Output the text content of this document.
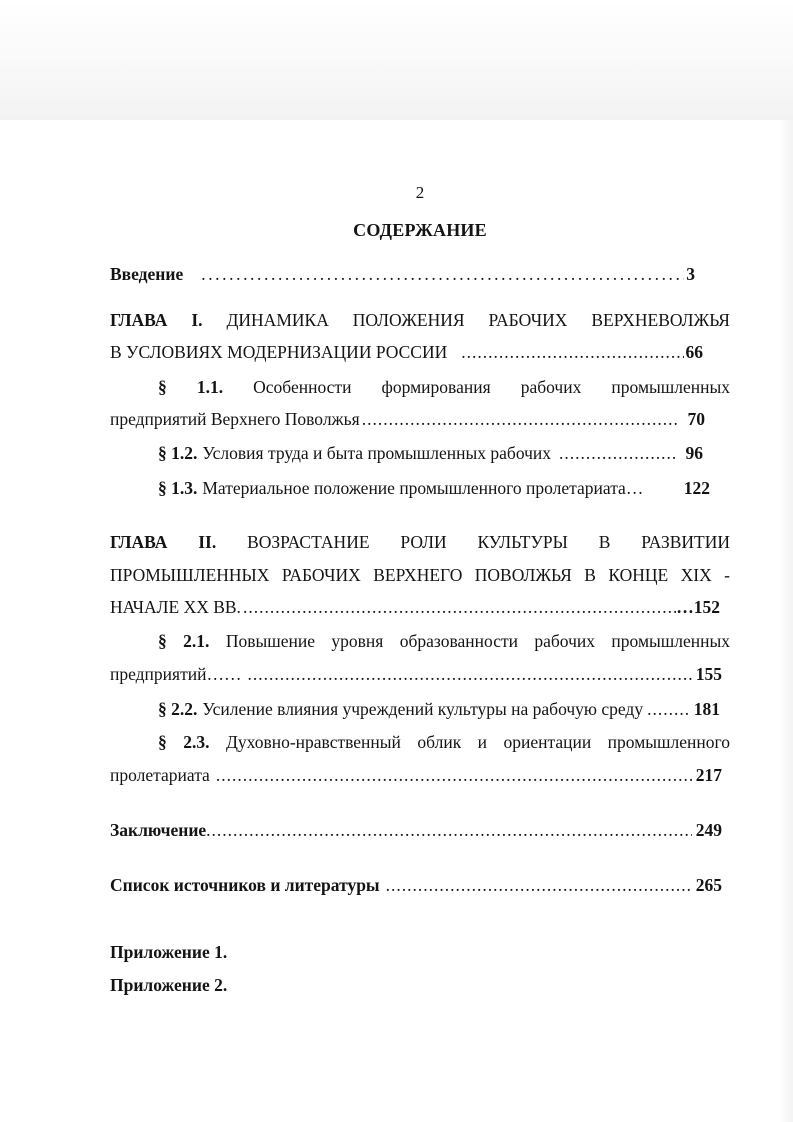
2
СОДЕРЖАНИЕ
Введение .....	3
ГЛАВА I. ДИНАМИКА ПОЛОЖЕНИЯ РАБОЧИХ ВЕРХНЕВОЛЖЬЯ
В УСЛОВИЯХ МОДЕРНИЗАЦИИ РОССИИ .....	66
§ 1.1. Особенности формирования рабочих промышленных
предприятий Верхнего Поволжья .....	70
§ 1.2. Условия труда и быта промышленных рабочих .....	96
§ 1.3. Материальное положение промышленного пролетариата… 122
ГЛАВА II. ВОЗРАСТАНИЕ РОЛИ КУЛЬТУРЫ В РАЗВИТИИ
ПРОМЫШЛЕННЫХ РАБОЧИХ ВЕРХНЕГО ПОВОЛЖЬЯ В КОНЦЕ XIX -
НАЧАЛЕ XX ВВ. .....	…152
§ 2.1. Повышение уровня образованности рабочих промышленных
предприятий…… .....	155
§ 2.2. Усиление влияния учреждений культуры на рабочую среду .....	181
§ 2.3. Духовно-нравственный облик и ориентации промышленного
пролетариата .....	217
Заключение .....	249
Список источников и литературы .....	265
Приложение 1.
Приложение 2.
